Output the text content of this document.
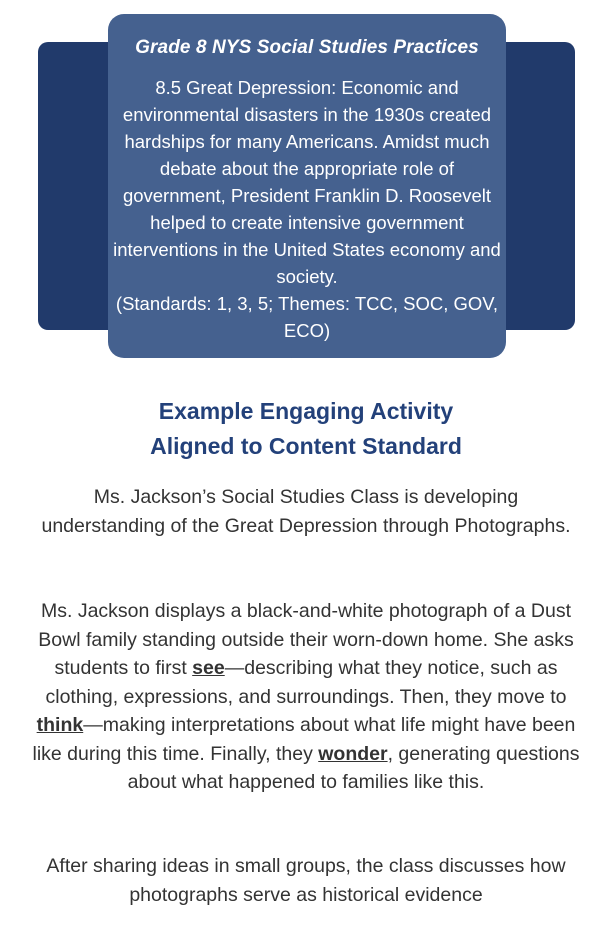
Grade 8 NYS Social Studies Practices

8.5 Great Depression: Economic and environmental disasters in the 1930s created hardships for many Americans. Amidst much debate about the appropriate role of government, President Franklin D. Roosevelt helped to create intensive government interventions in the United States economy and society.

(Standards: 1, 3, 5; Themes: TCC, SOC, GOV, ECO)

Example Engaging Activity
Aligned to Content Standard

Ms. Jackson’s Social Studies Class is developing understanding of the Great Depression through Photographs.

Ms. Jackson displays a black-and-white photograph of a Dust Bowl family standing outside their worn-down home. She asks students to first see—describing what they notice, such as clothing, expressions, and surroundings. Then, they move to think—making interpretations about what life might have been like during this time. Finally, they wonder, generating questions about what happened to families like this.

After sharing ideas in small groups, the class discusses how photographs serve as historical evidence
